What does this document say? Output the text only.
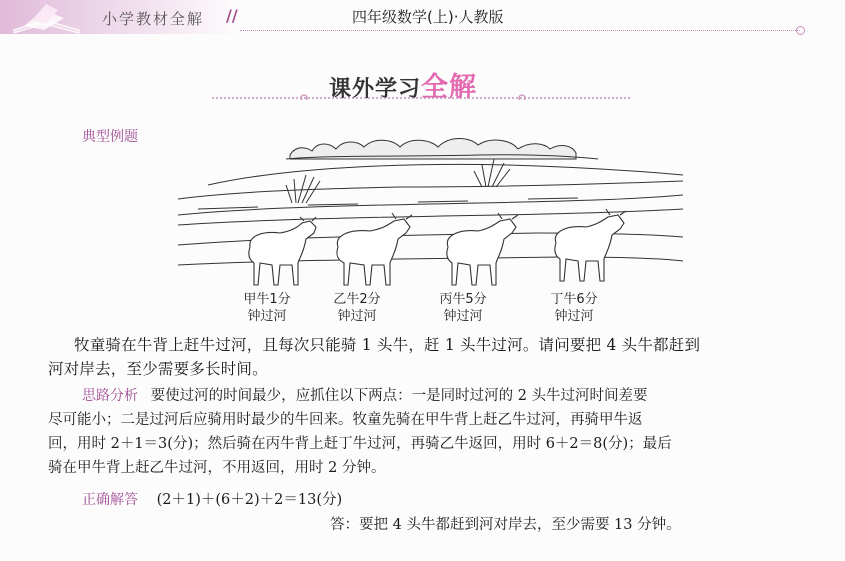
小学教材全解 //	四年级数学(上)·人教版
课外学习全解
典型例题
甲牛1分
钟过河
乙牛2分
钟过河
丙牛5分
钟过河
丁牛6分
钟过河
牧童骑在牛背上赶牛过河，且每次只能骑 1 头牛，赶 1 头牛过河。请问要把 4 头牛都赶到
河对岸去，至少需要多长时间。
思路分析 要使过河的时间最少，应抓住以下两点：一是同时过河的 2 头牛过河时间差要
尽可能小；二是过河后应骑用时最少的牛回来。牧童先骑在甲牛背上赶乙牛过河，再骑甲牛返
回，用时 2＋1＝3(分)；然后骑在丙牛背上赶丁牛过河，再骑乙牛返回，用时 6＋2＝8(分)；最后
骑在甲牛背上赶乙牛过河，不用返回，用时 2 分钟。
正确解答 (2＋1)＋(6＋2)＋2＝13(分)
答：要把 4 头牛都赶到河对岸去，至少需要 13 分钟。
